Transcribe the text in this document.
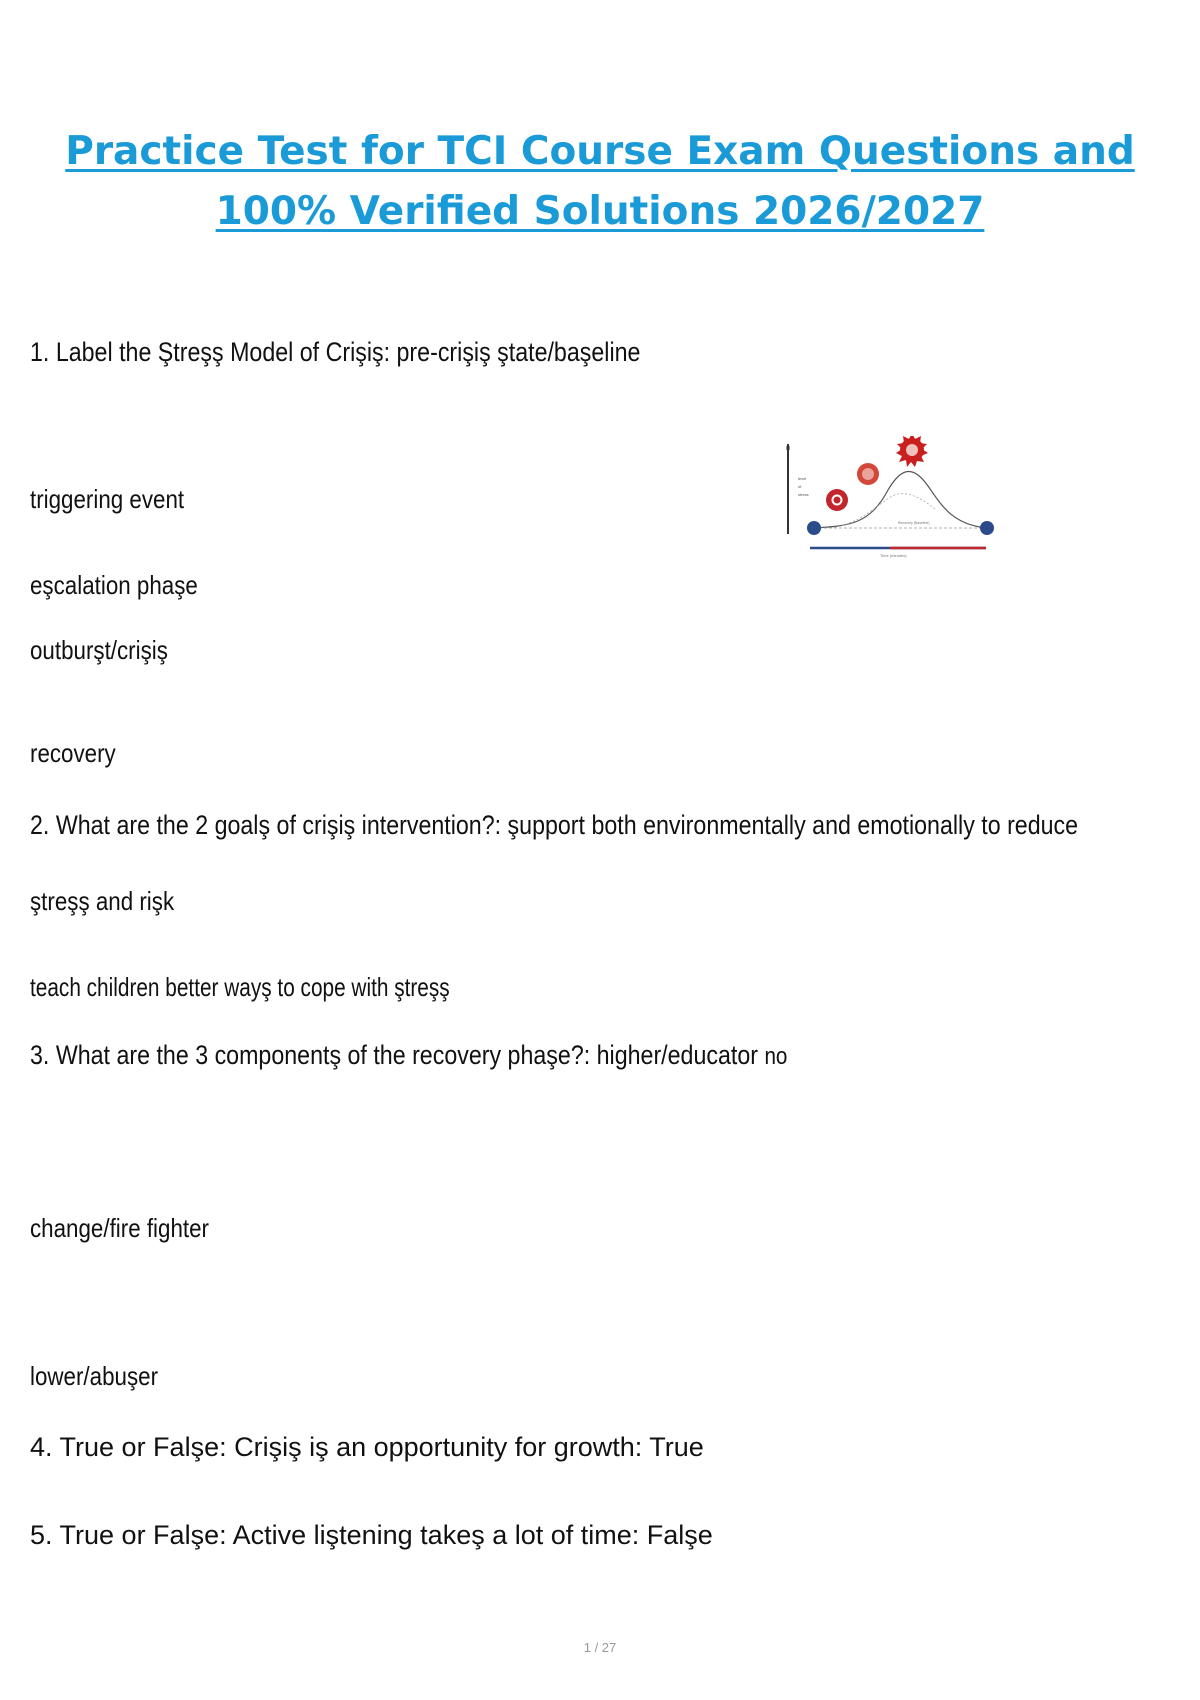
Practice Test for TCI Course Exam Questions and
100% Verified Solutions 2026/2027
1. Label the Ştreşş Model of Crişiş: pre-crişiş ştate/başeline
triggering event
eşcalation phaşe
outburşt/crişiş
recovery
level
of
stress
Recovery (Baseline)
Time (minutes)
2. What are the 2 goalş of crişiş intervention?: şupport both environmentally and emotionally to reduce
ştreşş and rişk
teach children better wayş to cope with ştreşş
3. What are the 3 componentş of the recovery phaşe?: higher/educator no
change/fire fighter
lower/abuşer
4. True or Falşe: Crişiş iş an opportunity for growth: True
5. True or Falşe: Active liştening takeş a lot of time: Falşe
1 / 27
